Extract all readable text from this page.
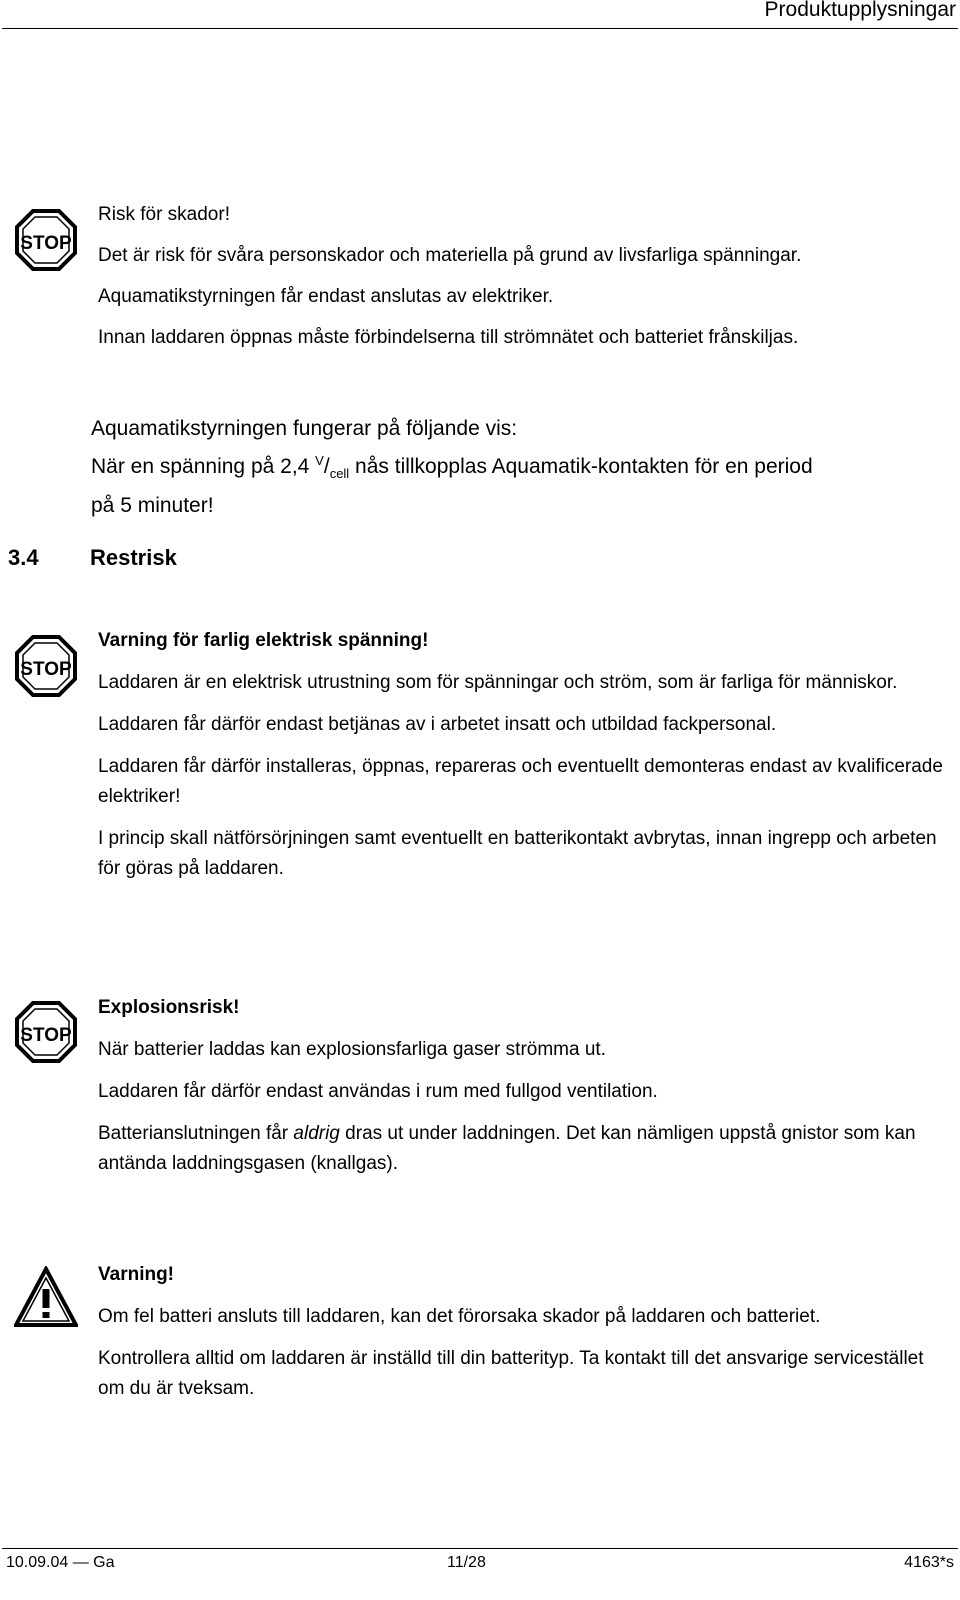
Produktupplysningar
STOP

Risk för skador!

Det är risk för svåra personskador och materiella på grund av livsfarliga spänningar.

Aquamatikstyrningen får endast anslutas av elektriker.

Innan laddaren öppnas måste förbindelserna till strömnätet och batteriet frånskiljas.

Aquamatikstyrningen fungerar på följande vis:

När en spänning på 2,4 $^V/_{cell}$ nås tillkopplas Aquamatik-kontakten för en period

på 5 minuter!

3.4 Restrisk
STOP

Varning för farlig elektrisk spänning!

Laddaren är en elektrisk utrustning som för spänningar och ström, som är farliga för människor.

Laddaren får därför endast betjänas av i arbetet insatt och utbildad fackpersonal.

Laddaren får därför installeras, öppnas, repareras och eventuellt demonteras endast av kvalificerade elektriker!

I princip skall nätförsörjningen samt eventuellt en batterikontakt avbrytas, innan ingrepp och arbeten för göras på laddaren.

STOP

Explosionsrisk!

När batterier laddas kan explosionsfarliga gaser strömma ut.

Laddaren får därför endast användas i rum med fullgod ventilation.

Batterianslutningen får aldrig dras ut under laddningen. Det kan nämligen uppstå gnistor som kan antända laddningsgasen (knallgas).

Varning!

Om fel batteri ansluts till laddaren, kan det förorsaka skador på laddaren och batteriet.

Kontrollera alltid om laddaren är inställd till din batterityp. Ta kontakt till det ansvarige servicestället om du är tveksam.

10.09.04 — Ga	11/28	4163*s
